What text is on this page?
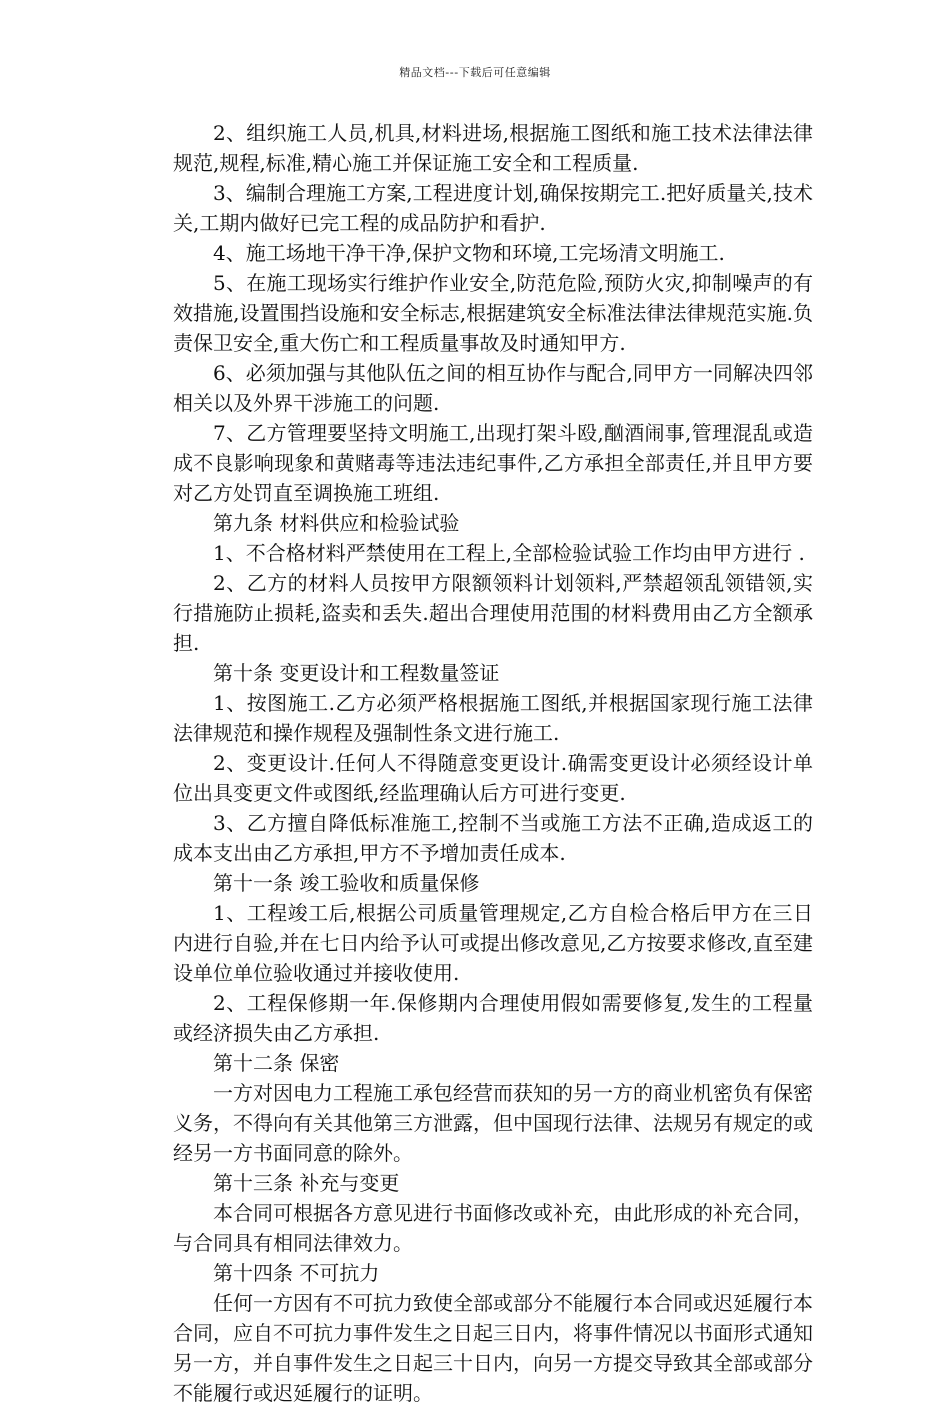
精品文档---下载后可任意编辑

2、组织施工人员,机具,材料进场,根据施工图纸和施工技术法律法律规范,规程,标准,精心施工并保证施工安全和工程质量.

3、编制合理施工方案,工程进度计划,确保按期完工.把好质量关,技术关,工期内做好已完工程的成品防护和看护.

4、施工场地干净干净,保护文物和环境,工完场清文明施工.

5、在施工现场实行维护作业安全,防范危险,预防火灾,抑制噪声的有效措施,设置围挡设施和安全标志,根据建筑安全标准法律法律规范实施.负责保卫安全,重大伤亡和工程质量事故及时通知甲方.

6、必须加强与其他队伍之间的相互协作与配合,同甲方一同解决四邻相关以及外界干涉施工的问题.

7、乙方管理要坚持文明施工,出现打架斗殴,酗酒闹事,管理混乱或造成不良影响现象和黄赌毒等违法违纪事件,乙方承担全部责任,并且甲方要对乙方处罚直至调换施工班组.

第九条 材料供应和检验试验

1、不合格材料严禁使用在工程上,全部检验试验工作均由甲方进行 .

2、乙方的材料人员按甲方限额领料计划领料,严禁超领乱领错领,实行措施防止损耗,盗卖和丢失.超出合理使用范围的材料费用由乙方全额承担.

第十条 变更设计和工程数量签证

1、按图施工.乙方必须严格根据施工图纸,并根据国家现行施工法律法律规范和操作规程及强制性条文进行施工.

2、变更设计.任何人不得随意变更设计.确需变更设计必须经设计单位出具变更文件或图纸,经监理确认后方可进行变更.

3、乙方擅自降低标准施工,控制不当或施工方法不正确,造成返工的成本支出由乙方承担,甲方不予增加责任成本.

第十一条 竣工验收和质量保修

1、工程竣工后,根据公司质量管理规定,乙方自检合格后甲方在三日内进行自验,并在七日内给予认可或提出修改意见,乙方按要求修改,直至建设单位单位验收通过并接收使用.

2、工程保修期一年.保修期内合理使用假如需要修复,发生的工程量或经济损失由乙方承担.

第十二条 保密

一方对因电力工程施工承包经营而获知的另一方的商业机密负有保密义务，不得向有关其他第三方泄露，但中国现行法律、法规另有规定的或经另一方书面同意的除外。

第十三条 补充与变更

本合同可根据各方意见进行书面修改或补充，由此形成的补充合同，与合同具有相同法律效力。

第十四条 不可抗力

任何一方因有不可抗力致使全部或部分不能履行本合同或迟延履行本合同，应自不可抗力事件发生之日起三日内，将事件情况以书面形式通知另一方，并自事件发生之日起三十日内，向另一方提交导致其全部或部分不能履行或迟延履行的证明。
